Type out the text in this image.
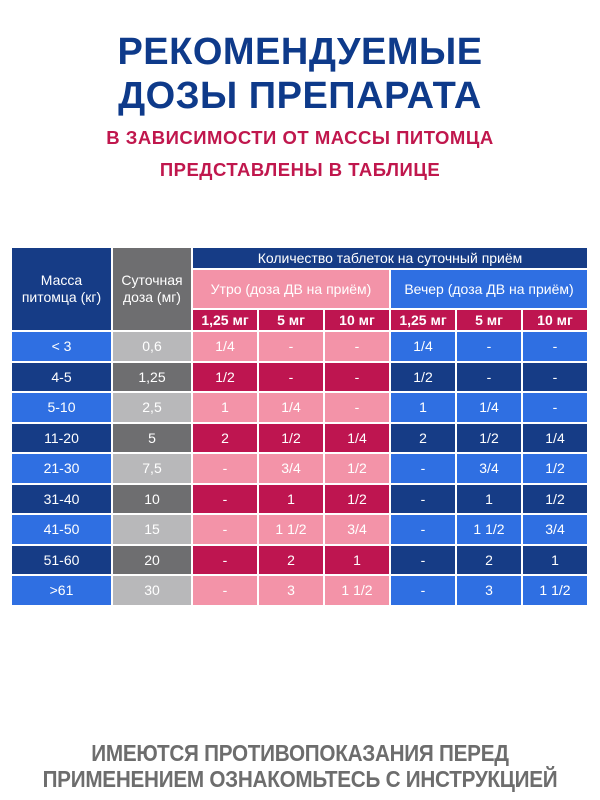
РЕКОМЕНДУЕМЫЕ
ДОЗЫ ПРЕПАРАТА
В ЗАВИСИМОСТИ ОТ МАССЫ ПИТОМЦА
ПРЕДСТАВЛЕНЫ В ТАБЛИЦЕ
Масса питомца (кг)	Суточная доза (мг)	Количество таблеток на суточный приём					
		Утро (доза ДВ на приём)			Вечер (доза ДВ на приём)		
		1,25 мг	5 мг	10 мг	1,25 мг	5 мг	10 мг
< 3	0,6	1/4	-	-	1/4	-	-
4-5	1,25	1/2	-	-	1/2	-	-
5-10	2,5	1	1/4	-	1	1/4	-
11-20	5	2	1/2	1/4	2	1/2	1/4
21-30	7,5	-	3/4	1/2	-	3/4	1/2
31-40	10	-	1	1/2	-	1	1/2
41-50	15	-	1 1/2	3/4	-	1 1/2	3/4
51-60	20	-	2	1	-	2	1
>61	30	-	3	1 1/2	-	3	1 1/2
ИМЕЮТСЯ ПРОТИВОПОКАЗАНИЯ ПЕРЕД
ПРИМЕНЕНИЕМ ОЗНАКОМЬТЕСЬ С ИНСТРУКЦИЕЙ
